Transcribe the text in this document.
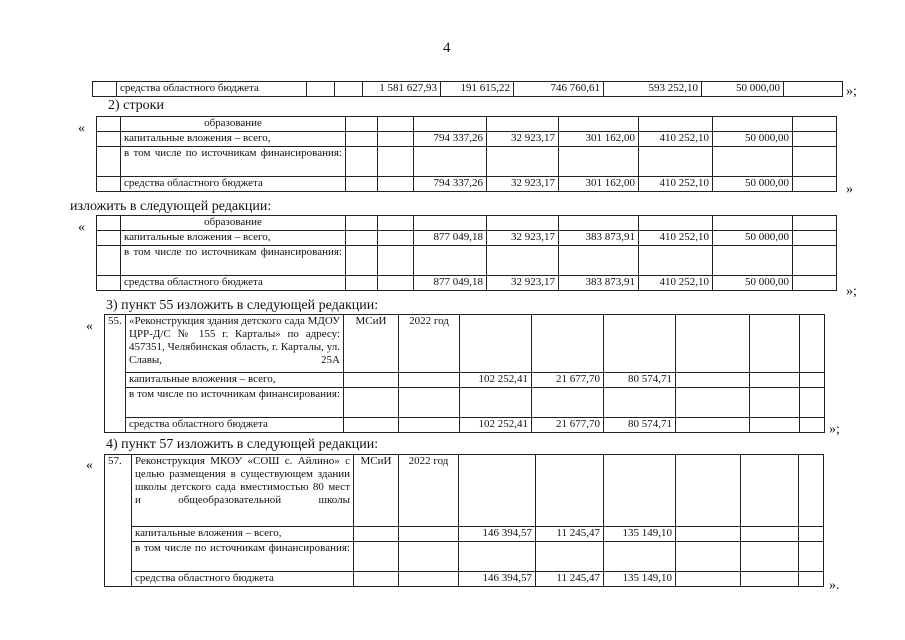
4
	средства областного бюджета			1 581 627,93	191 615,22	746 760,61	593 252,10	50 000,00		»;
2) строки
«
		образование								
	капитальные вложения – всего,			794 337,26	32 923,17	301 162,00	410 252,10	50 000,00	
	в том числе по источникам финансирования:								
	средства областного бюджета			794 337,26	32 923,17	301 162,00	410 252,10	50 000,00		»
изложить в следующей редакции:
«
		образование								
	капитальные вложения – всего,			877 049,18	32 923,17	383 873,91	410 252,10	50 000,00	
	в том числе по источникам финансирования:								
	средства областного бюджета			877 049,18	32 923,17	383 873,91	410 252,10	50 000,00	
»;
3) пункт 55 изложить в следующей редакции:
« 55.	«Реконструкция здания детского сада МДОУ ЦРР-Д/С № 155 г. Карталы» по адресу: 457351, Челябинская область, г. Карталы, ул. Славы, 25А	МСиИ	2022 год						
	капитальные вложения – всего,			102 252,41	21 677,70	80 574,71			
	в том числе по источникам финансирования:								
	средства областного бюджета			102 252,41	21 677,70	80 574,71				»;
4) пункт 57 изложить в следующей редакции:
« 57.	Реконструкция МКОУ «СОШ с. Айлино» с целью размещения в существующем здании школы детского сада вместимостью 80 мест и общеобразовательной школы	МСиИ	2022 год						
	капитальные вложения – всего,			146 394,57	11 245,47	135 149,10			
	в том числе по источникам финансирования:								
	средства областного бюджета			146 394,57	11 245,47	135 149,10				».
